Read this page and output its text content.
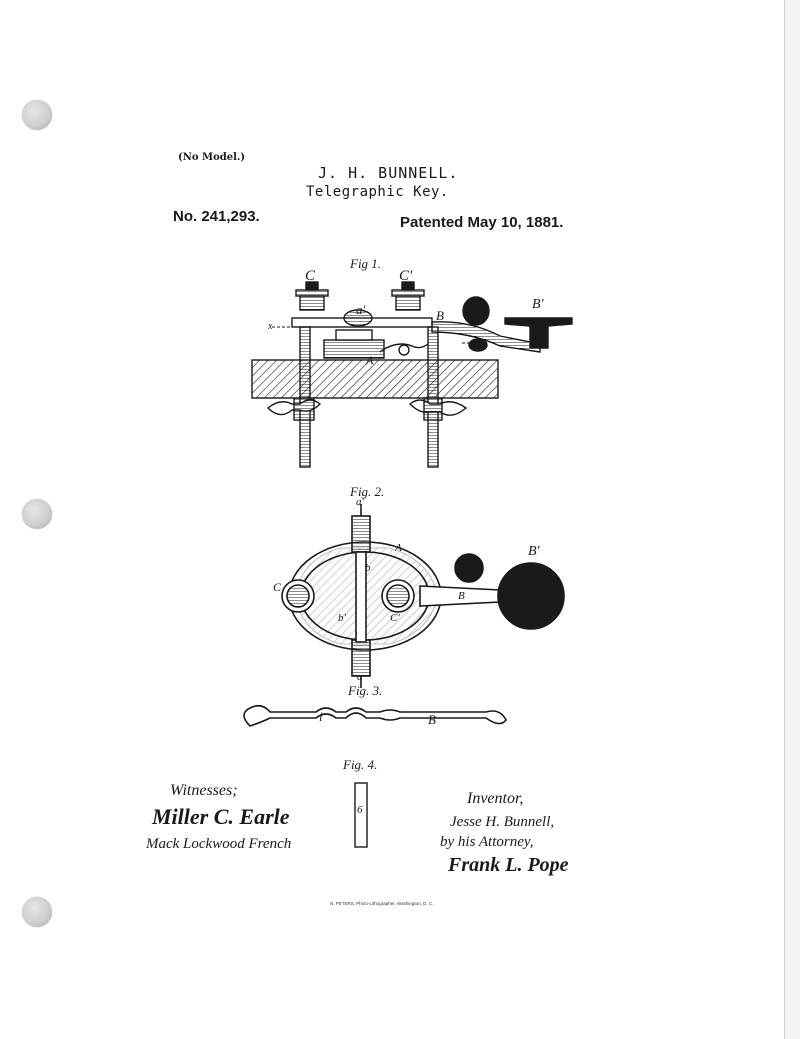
(No Model.)
J. H. BUNNELL.
Telegraphic Key.
No. 241,293.	Patented May 10, 1881.
Fig 1.
Fig. 2.
Fig. 3.
Fig. 4.
C	C'
a'	B
B'
x
A
a'
B'
A
C
C'
b
b'
B
a
i	B
6
Witnesses;
Miller C. Earle
Mack Lockwood French
Inventor,
Jesse H. Bunnell,
by his Attorney,
Frank L. Pope
N. PETERS, Photo-Lithographer, Washington, D. C.
